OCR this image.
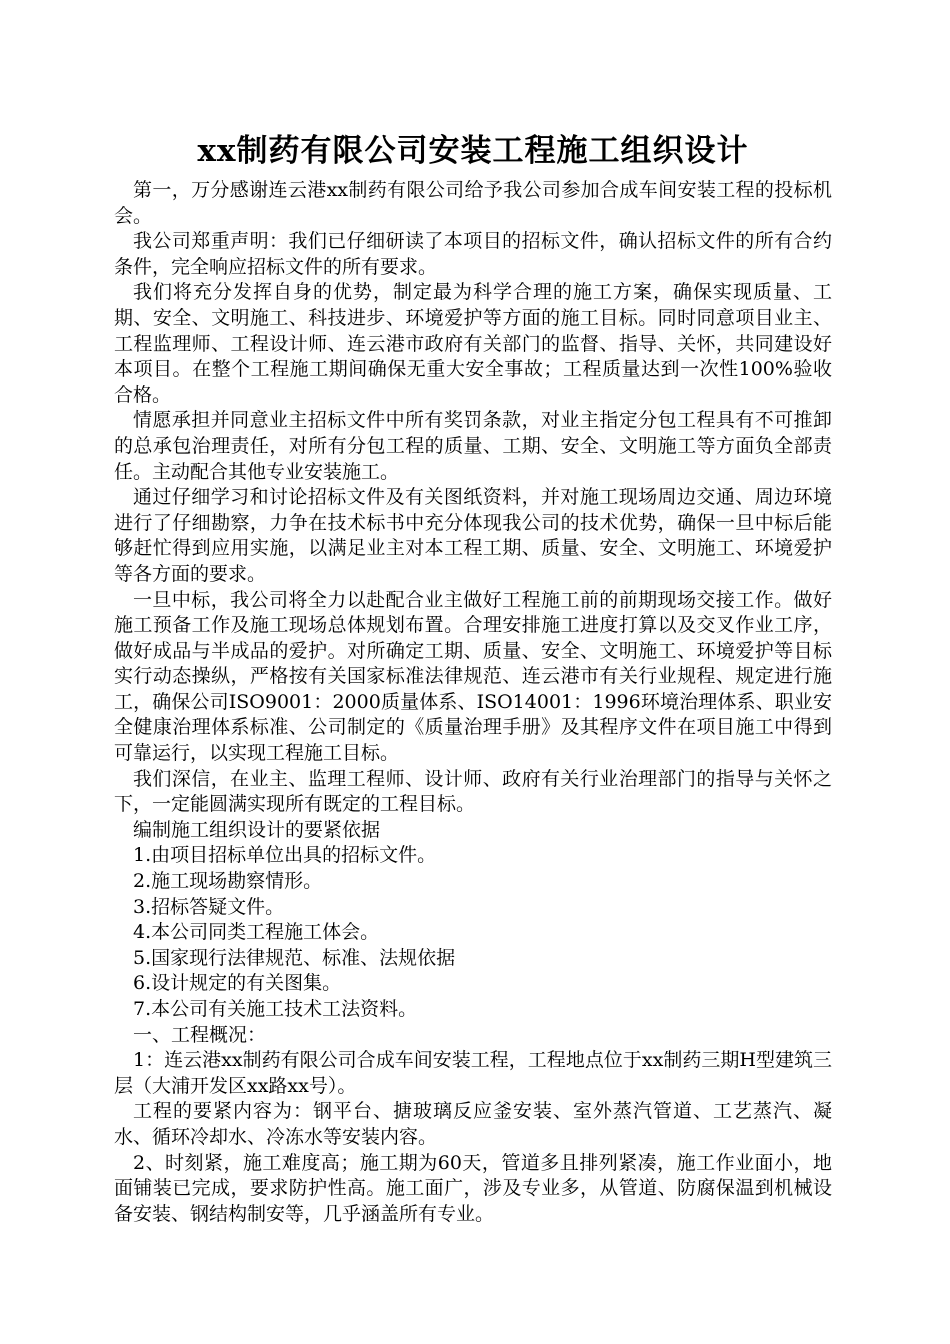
xx制药有限公司安装工程施工组织设计

第一，万分感谢连云港xx制药有限公司给予我公司参加合成车间安装工程的投标机会。

我公司郑重声明：我们已仔细研读了本项目的招标文件，确认招标文件的所有合约条件，完全响应招标文件的所有要求。

我们将充分发挥自身的优势，制定最为科学合理的施工方案，确保实现质量、工期、安全、文明施工、科技进步、环境爱护等方面的施工目标。同时同意项目业主、工程监理师、工程设计师、连云港市政府有关部门的监督、指导、关怀，共同建设好本项目。在整个工程施工期间确保无重大安全事故；工程质量达到一次性100%验收合格。

情愿承担并同意业主招标文件中所有奖罚条款，对业主指定分包工程具有不可推卸的总承包治理责任，对所有分包工程的质量、工期、安全、文明施工等方面负全部责任。主动配合其他专业安装施工。

通过仔细学习和讨论招标文件及有关图纸资料，并对施工现场周边交通、周边环境进行了仔细勘察，力争在技术标书中充分体现我公司的技术优势，确保一旦中标后能够赶忙得到应用实施，以满足业主对本工程工期、质量、安全、文明施工、环境爱护等各方面的要求。

一旦中标，我公司将全力以赴配合业主做好工程施工前的前期现场交接工作。做好施工预备工作及施工现场总体规划布置。合理安排施工进度打算以及交叉作业工序，做好成品与半成品的爱护。对所确定工期、质量、安全、文明施工、环境爱护等目标实行动态操纵，严格按有关国家标准法律规范、连云港市有关行业规程、规定进行施工，确保公司ISO9001：2000质量体系、ISO14001：1996环境治理体系、职业安全健康治理体系标准、公司制定的《质量治理手册》及其程序文件在项目施工中得到可靠运行，以实现工程施工目标。

我们深信，在业主、监理工程师、设计师、政府有关行业治理部门的指导与关怀之下，一定能圆满实现所有既定的工程目标。

编制施工组织设计的要紧依据

1.由项目招标单位出具的招标文件。

2.施工现场勘察情形。

3.招标答疑文件。

4.本公司同类工程施工体会。

5.国家现行法律规范、标准、法规依据

6.设计规定的有关图集。

7.本公司有关施工技术工法资料。

一、工程概况：

1：连云港xx制药有限公司合成车间安装工程，工程地点位于xx制药三期H型建筑三层（大浦开发区xx路xx号）。

工程的要紧内容为：钢平台、搪玻璃反应釜安装、室外蒸汽管道、工艺蒸汽、凝水、循环冷却水、冷冻水等安装内容。

2、时刻紧，施工难度高；施工期为60天，管道多且排列紧凑，施工作业面小，地面铺装已完成，要求防护性高。施工面广，涉及专业多，从管道、防腐保温到机械设备安装、钢结构制安等，几乎涵盖所有专业。
